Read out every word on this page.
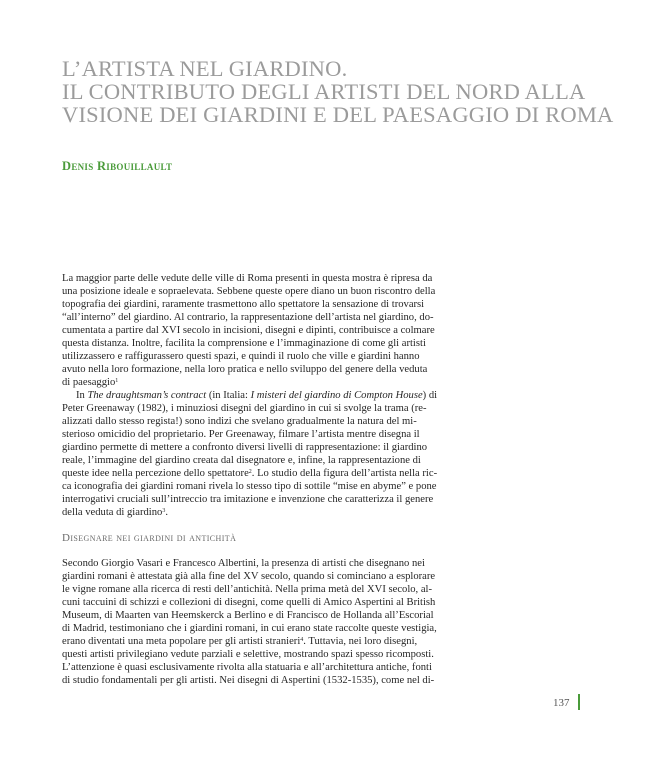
L’ARTISTA NEL GIARDINO.
IL CONTRIBUTO DEGLI ARTISTI DEL NORD ALLA
VISIONE DEI GIARDINI E DEL PAESAGGIO DI ROMA

Denis Ribouillault

La maggior parte delle vedute delle ville di Roma presenti in questa mostra è ripresa da
una posizione ideale e sopraelevata. Sebbene queste opere diano un buon riscontro della
topografia dei giardini, raramente trasmettono allo spettatore la sensazione di trovarsi
“all’interno” del giardino. Al contrario, la rappresentazione dell’artista nel giardino, do-
cumentata a partire dal XVI secolo in incisioni, disegni e dipinti, contribuisce a colmare
questa distanza. Inoltre, facilita la comprensione e l’immaginazione di come gli artisti
utilizzassero e raffigurassero questi spazi, e quindi il ruolo che ville e giardini hanno
avuto nella loro formazione, nella loro pratica e nello sviluppo del genere della veduta
di paesaggio$^1$
In The draughtsman’s contract (in Italia: I misteri del giardino di Compton House) di
Peter Greenaway (1982), i minuziosi disegni del giardino in cui si svolge la trama (re-
alizzati dallo stesso regista!) sono indizi che svelano gradualmente la natura del mi-
sterioso omicidio del proprietario. Per Greenaway, filmare l’artista mentre disegna il
giardino permette di mettere a confronto diversi livelli di rappresentazione: il giardino
reale, l’immagine del giardino creata dal disegnatore e, infine, la rappresentazione di
queste idee nella percezione dello spettatore$^2$. Lo studio della figura dell’artista nella ric-
ca iconografia dei giardini romani rivela lo stesso tipo di sottile “mise en abyme” e pone
interrogativi cruciali sull’intreccio tra imitazione e invenzione che caratterizza il genere
della veduta di giardino$^3$.
Disegnare nei giardini di antichità
Secondo Giorgio Vasari e Francesco Albertini, la presenza di artisti che disegnano nei
giardini romani è attestata già alla fine del XV secolo, quando si cominciano a esplorare
le vigne romane alla ricerca di resti dell’antichità. Nella prima metà del XVI secolo, al-
cuni taccuini di schizzi e collezioni di disegni, come quelli di Amico Aspertini al British
Museum, di Maarten van Heemskerck a Berlino e di Francisco de Hollanda all’Escorial
di Madrid, testimoniano che i giardini romani, in cui erano state raccolte queste vestigia,
erano diventati una meta popolare per gli artisti stranieri$^4$. Tuttavia, nei loro disegni,
questi artisti privilegiano vedute parziali e selettive, mostrando spazi spesso ricomposti.
L’attenzione è quasi esclusivamente rivolta alla statuaria e all’architettura antiche, fonti
di studio fondamentali per gli artisti. Nei disegni di Aspertini (1532-1535), come nel di-
137
